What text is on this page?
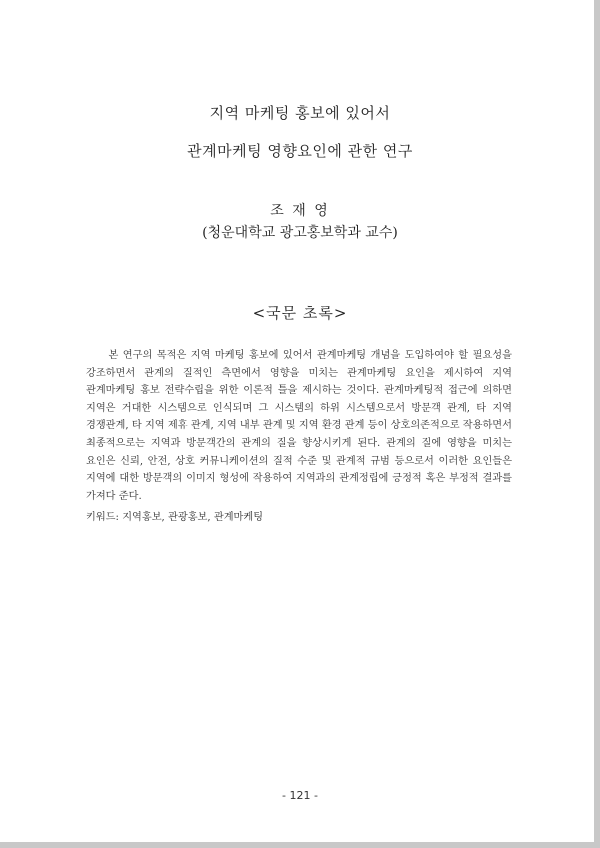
지역 마케팅 홍보에 있어서
관계마케팅 영향요인에 관한 연구
조 재 영
(청운대학교 광고홍보학과 교수)
<국문 초록>

본 연구의 목적은 지역 마케팅 홍보에 있어서 관계마케팅 개념을 도입하여야 할 필요성을 강조하면서 관계의 질적인 측면에서 영향을 미치는 관계마케팅 요인을 제시하여 지역 관계마케팅 홍보 전략수립을 위한 이론적 틀을 제시하는 것이다. 관계마케팅적 접근에 의하면 지역은 거대한 시스템으로 인식되며 그 시스템의 하위 시스템으로서 방문객 관계, 타 지역 경쟁관계, 타 지역 제휴 관계, 지역 내부 관계 및 지역 환경 관계 등이 상호의존적으로 작용하면서 최종적으로는 지역과 방문객간의 관계의 질을 향상시키게 된다. 관계의 질에 영향을 미치는 요인은 신뢰, 안전, 상호 커뮤니케이션의 질적 수준 및 관계적 규범 등으로서 이러한 요인들은 지역에 대한 방문객의 이미지 형성에 작용하여 지역과의 관계정립에 긍정적 혹은 부정적 결과를 가져다 준다.

키워드: 지역홍보, 관광홍보, 관계마케팅
- 121 -
